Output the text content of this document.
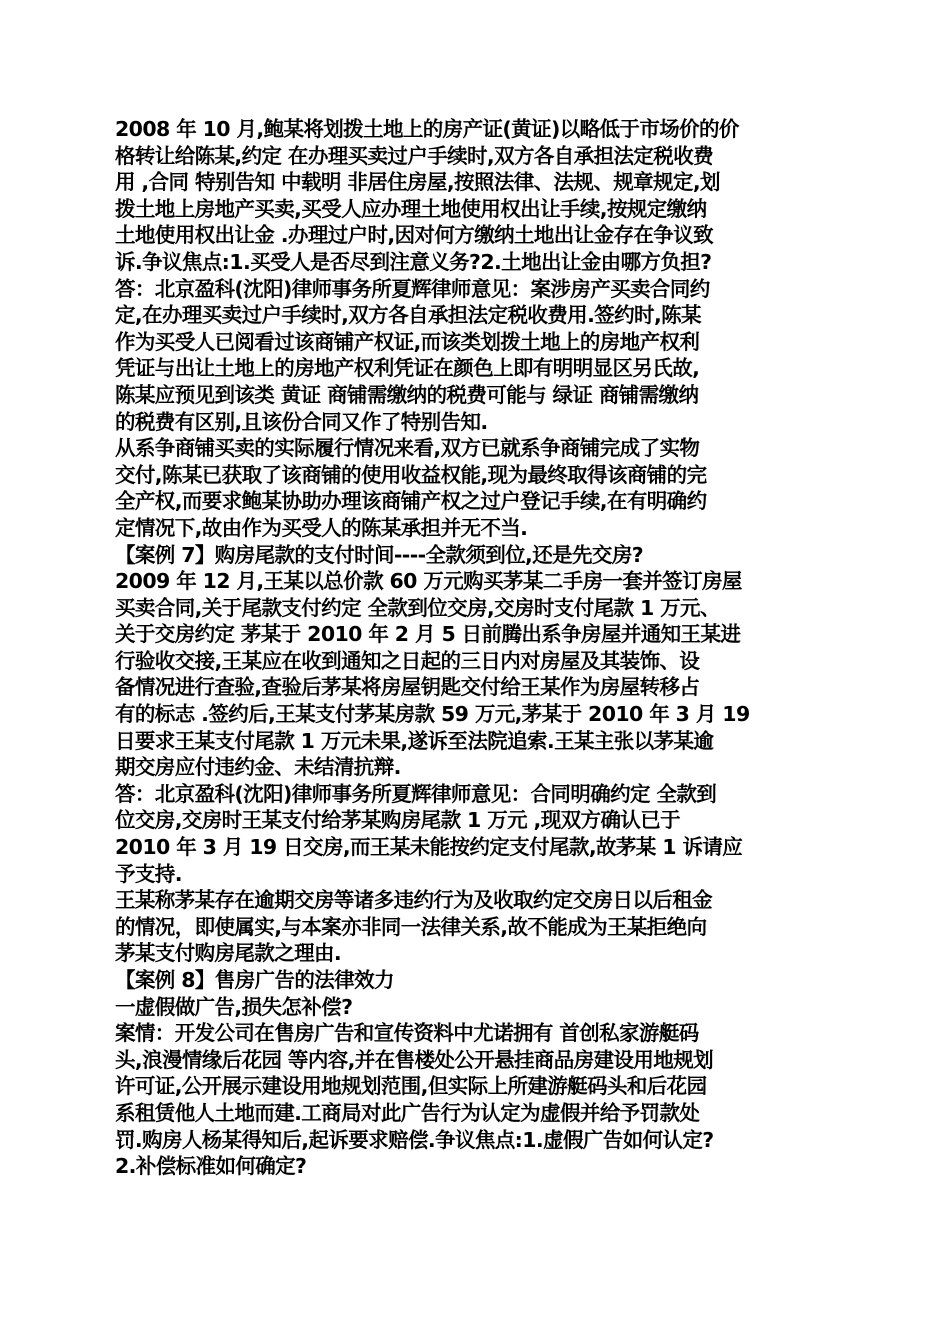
2008 年 10 月,鲍某将划拨土地上的房产证(黄证)以略低于市场价的价
格转让给陈某,约定 在办理买卖过户手续时,双方各自承担法定税收费
用 ,合同 特别告知 中载明 非居住房屋,按照法律、法规、规章规定,划
拨土地上房地产买卖,买受人应办理土地使用权出让手续,按规定缴纳
土地使用权出让金 .办理过户时,因对何方缴纳土地出让金存在争议致
诉.争议焦点:1.买受人是否尽到注意义务?2.土地出让金由哪方负担?
答：北京盈科(沈阳)律师事务所夏辉律师意见：案涉房产买卖合同约
定,在办理买卖过户手续时,双方各自承担法定税收费用.签约时,陈某
作为买受人已阅看过该商铺产权证,而该类划拨土地上的房地产权利
凭证与出让土地上的房地产权利凭证在颜色上即有明明显区另氏故,
陈某应预见到该类 黄证 商铺需缴纳的税费可能与 绿证 商铺需缴纳
的税费有区别,且该份合同又作了特别告知.
从系争商铺买卖的实际履行情况来看,双方已就系争商铺完成了实物
交付,陈某已获取了该商铺的使用收益权能,现为最终取得该商铺的完
全产权,而要求鲍某协助办理该商铺产权之过户登记手续,在有明确约
定情况下,故由作为买受人的陈某承担并无不当.
【案例 7】购房尾款的支付时间----全款须到位,还是先交房?
2009 年 12 月,王某以总价款 60 万元购买茅某二手房一套并签订房屋
买卖合同,关于尾款支付约定 全款到位交房,交房时支付尾款 1 万元、
关于交房约定 茅某于 2010 年 2 月 5 日前腾出系争房屋并通知王某进
行验收交接,王某应在收到通知之日起的三日内对房屋及其装饰、设
备情况进行查验,查验后茅某将房屋钥匙交付给王某作为房屋转移占
有的标志 .签约后,王某支付茅某房款 59 万元,茅某于 2010 年 3 月 19
日要求王某支付尾款 1 万元未果,遂诉至法院追索.王某主张以茅某逾
期交房应付违约金、未结清抗辩.
答：北京盈科(沈阳)律师事务所夏辉律师意见：合同明确约定 全款到
位交房,交房时王某支付给茅某购房尾款 1 万元 ,现双方确认已于
2010 年 3 月 19 日交房,而王某未能按约定支付尾款,故茅某 1 诉请应
予支持.
王某称茅某存在逾期交房等诸多违约行为及收取约定交房日以后租金
的情况，即使属实,与本案亦非同一法律关系,故不能成为王某拒绝向
茅某支付购房尾款之理由.
【案例 8】售房广告的法律效力
一虚假做广告,损失怎补偿?
案情：开发公司在售房广告和宣传资料中尤诺拥有 首创私家游艇码
头,浪漫情缘后花园 等内容,并在售楼处公开悬挂商品房建设用地规划
许可证,公开展示建设用地规划范围,但实际上所建游艇码头和后花园
系租赁他人土地而建.工商局对此广告行为认定为虚假并给予罚款处
罚.购房人杨某得知后,起诉要求赔偿.争议焦点:1.虚假广告如何认定?
2.补偿标准如何确定?
